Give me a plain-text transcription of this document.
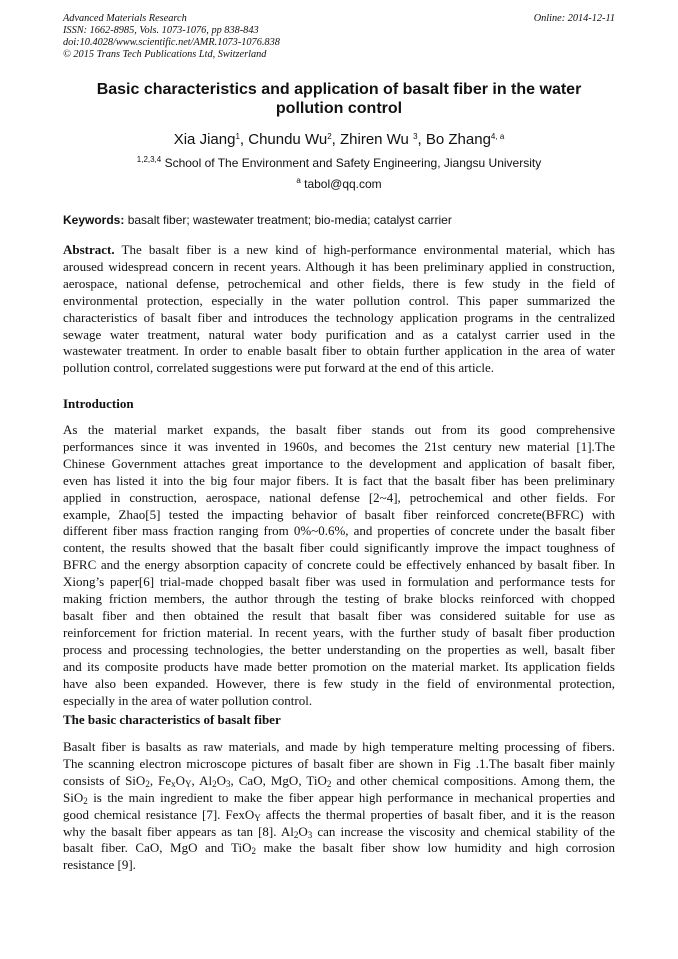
Advanced Materials Research
ISSN: 1662-8985, Vols. 1073-1076, pp 838-843
doi:10.4028/www.scientific.net/AMR.1073-1076.838
© 2015 Trans Tech Publications Ltd, Switzerland
Online: 2014-12-11
Basic characteristics and application of basalt fiber in the water
pollution control
Xia Jiang$^1$, Chundu Wu$^2$, Zhiren Wu $^3$, Bo Zhang$^{4, a}$
$^{1,2,3,4}$ School of The Environment and Safety Engineering, Jiangsu University
$^a$ tabol@qq.com
Keywords: basalt fiber; wastewater treatment; bio-media; catalyst carrier
Abstract. The basalt fiber is a new kind of high-performance environmental material, which has
aroused widespread concern in recent years. Although it has been preliminary applied in construction,
aerospace, national defense, petrochemical and other fields, there is few study in the field of
environmental protection, especially in the water pollution control. This paper summarized the
characteristics of basalt fiber and introduces the technology application programs in the centralized
sewage water treatment, natural water body purification and as a catalyst carrier used in the
wastewater treatment. In order to enable basalt fiber to obtain further application in the area of water
pollution control, correlated suggestions were put forward at the end of this article.
Introduction
As the material market expands, the basalt fiber stands out from its good comprehensive
performances since it was invented in 1960s, and becomes the 21st century new material [1].The
Chinese Government attaches great importance to the development and application of basalt fiber,
even has listed it into the big four major fibers. It is fact that the basalt fiber has been preliminary
applied in construction, aerospace, national defense [2~4], petrochemical and other fields. For
example, Zhao[5] tested the impacting behavior of basalt fiber reinforced concrete(BFRC) with
different fiber mass fraction ranging from 0%~0.6%, and properties of concrete under the basalt fiber
content, the results showed that the basalt fiber could significantly improve the impact toughness of
BFRC and the energy absorption capacity of concrete could be effectively enhanced by basalt fiber. In
Xiong’s paper[6] trial-made chopped basalt fiber was used in formulation and performance tests for
making friction members, the author through the testing of brake blocks reinforced with chopped
basalt fiber and then obtained the result that basalt fiber was considered suitable for use as
reinforcement for friction material. In recent years, with the further study of basalt fiber production
process and processing technologies, the better understanding on the properties as well, basalt fiber
and its composite products have made better promotion on the material market. Its application fields
have also been expanded. However, there is few study in the field of environmental protection,
especially in the area of water pollution control.
The basic characteristics of basalt fiber
Basalt fiber is basalts as raw materials, and made by high temperature melting processing of fibers.
The scanning electron microscope pictures of basalt fiber are shown in Fig .1.The basalt fiber mainly
consists of SiO$_2$, $Fe_xO_Y$, $Al_2O_3$, CaO, MgO, TiO$_2$ and other chemical compositions. Among them, the
SiO$_2$ is the main ingredient to make the fiber appear high performance in mechanical properties and
good chemical resistance [7]. FexO$_Y$ affects the thermal properties of basalt fiber, and it is the reason
why the basalt fiber appears as tan [8]. $Al_2O_3$ can increase the viscosity and chemical stability of the
basalt fiber. CaO, MgO and TiO$_2$ make the basalt fiber show low humidity and high corrosion
resistance [9].
